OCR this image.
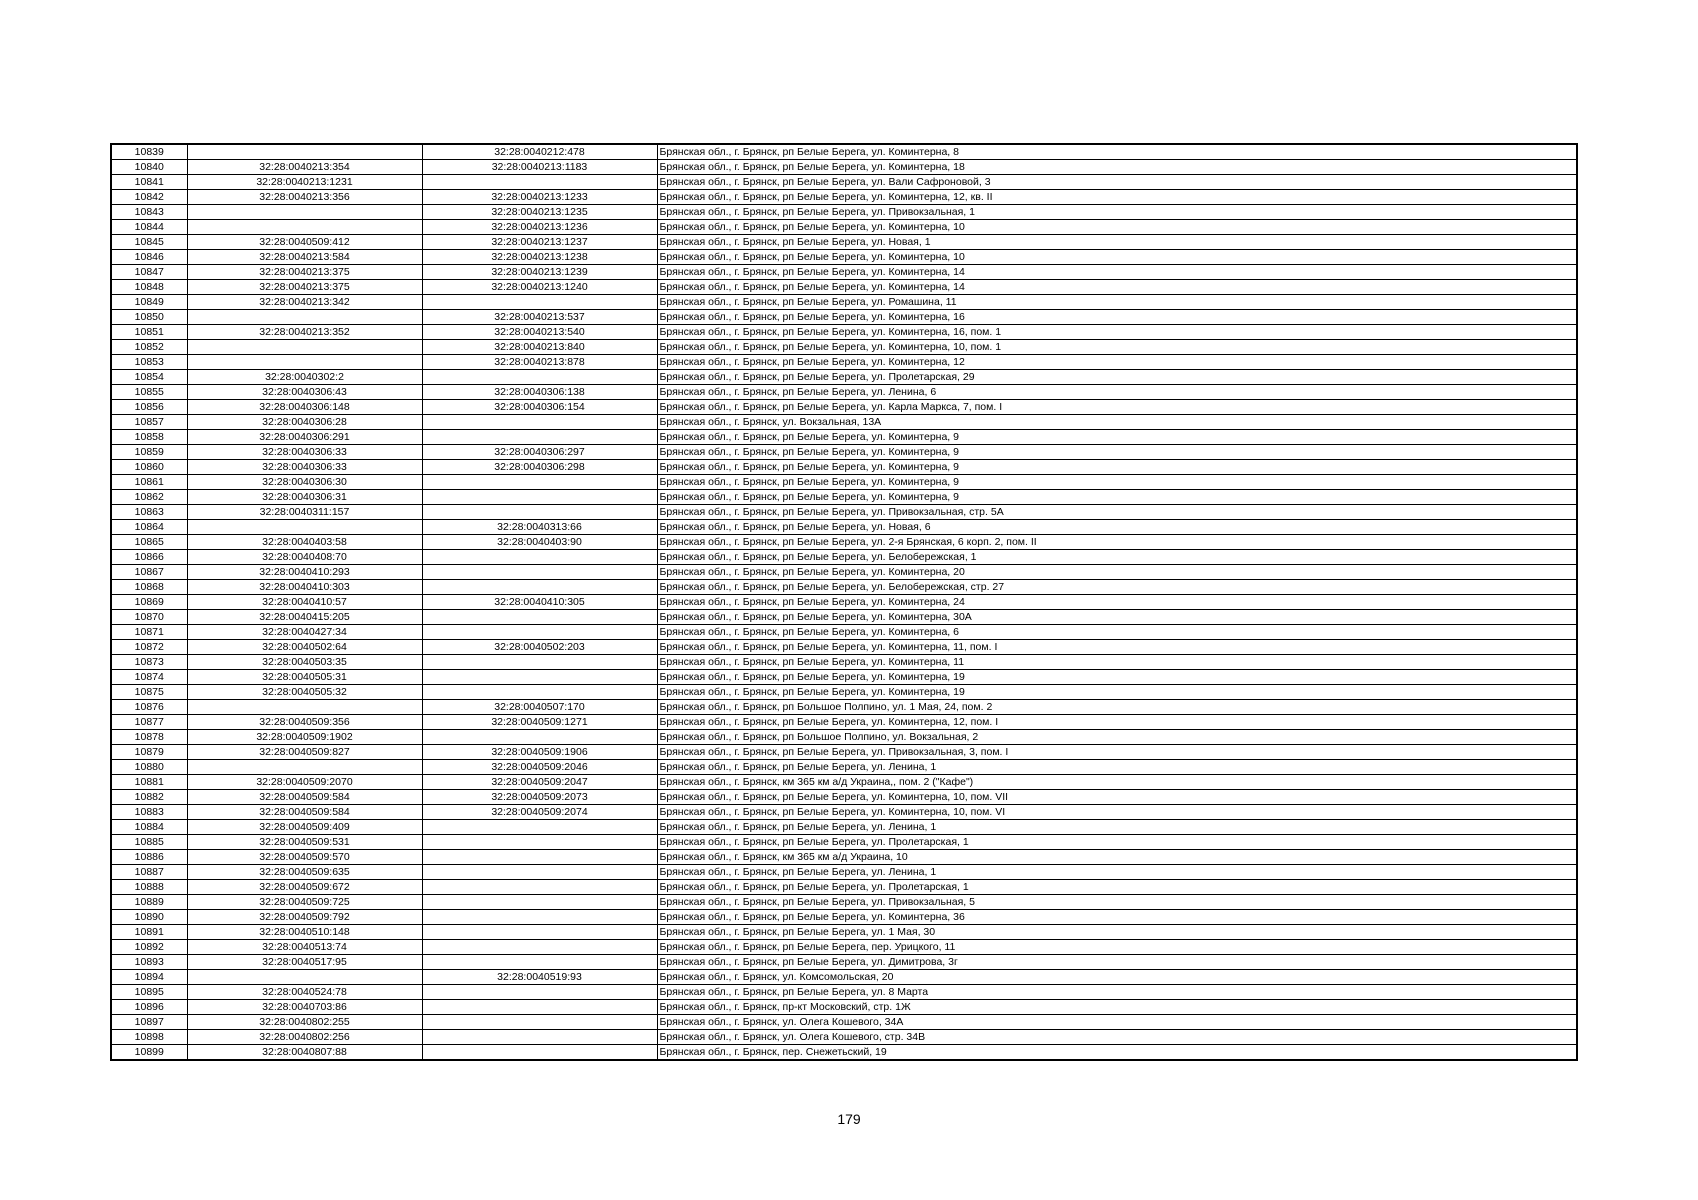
10839		32:28:0040212:478	Брянская обл., г. Брянск, рп Белые Берега, ул. Коминтерна, 8
10840	32:28:0040213:354	32:28:0040213:1183	Брянская обл., г. Брянск, рп Белые Берега, ул. Коминтерна, 18
10841	32:28:0040213:1231		Брянская обл., г. Брянск, рп Белые Берега, ул. Вали Сафроновой, 3
10842	32:28:0040213:356	32:28:0040213:1233	Брянская обл., г. Брянск, рп Белые Берега, ул. Коминтерна, 12, кв. II
10843		32:28:0040213:1235	Брянская обл., г. Брянск, рп Белые Берега, ул. Привокзальная, 1
10844		32:28:0040213:1236	Брянская обл., г. Брянск, рп Белые Берега, ул. Коминтерна, 10
10845	32:28:0040509:412	32:28:0040213:1237	Брянская обл., г. Брянск, рп Белые Берега, ул. Новая, 1
10846	32:28:0040213:584	32:28:0040213:1238	Брянская обл., г. Брянск, рп Белые Берега, ул. Коминтерна, 10
10847	32:28:0040213:375	32:28:0040213:1239	Брянская обл., г. Брянск, рп Белые Берега, ул. Коминтерна, 14
10848	32:28:0040213:375	32:28:0040213:1240	Брянская обл., г. Брянск, рп Белые Берега, ул. Коминтерна, 14
10849	32:28:0040213:342		Брянская обл., г. Брянск, рп Белые Берега, ул. Ромашина, 11
10850		32:28:0040213:537	Брянская обл., г. Брянск, рп Белые Берега, ул. Коминтерна, 16
10851	32:28:0040213:352	32:28:0040213:540	Брянская обл., г. Брянск, рп Белые Берега, ул. Коминтерна, 16, пом. 1
10852		32:28:0040213:840	Брянская обл., г. Брянск, рп Белые Берега, ул. Коминтерна, 10, пом. 1
10853		32:28:0040213:878	Брянская обл., г. Брянск, рп Белые Берега, ул. Коминтерна, 12
10854	32:28:0040302:2		Брянская обл., г. Брянск, рп Белые Берега, ул. Пролетарская, 29
10855	32:28:0040306:43	32:28:0040306:138	Брянская обл., г. Брянск, рп Белые Берега, ул. Ленина, 6
10856	32:28:0040306:148	32:28:0040306:154	Брянская обл., г. Брянск, рп Белые Берега, ул. Карла Маркса, 7, пом. I
10857	32:28:0040306:28		Брянская обл., г. Брянск, ул. Вокзальная, 13А
10858	32:28:0040306:291		Брянская обл., г. Брянск, рп Белые Берега, ул. Коминтерна, 9
10859	32:28:0040306:33	32:28:0040306:297	Брянская обл., г. Брянск, рп Белые Берега, ул. Коминтерна, 9
10860	32:28:0040306:33	32:28:0040306:298	Брянская обл., г. Брянск, рп Белые Берега, ул. Коминтерна, 9
10861	32:28:0040306:30		Брянская обл., г. Брянск, рп Белые Берега, ул. Коминтерна, 9
10862	32:28:0040306:31		Брянская обл., г. Брянск, рп Белые Берега, ул. Коминтерна, 9
10863	32:28:0040311:157		Брянская обл., г. Брянск, рп Белые Берега, ул. Привокзальная, стр. 5А
10864		32:28:0040313:66	Брянская обл., г. Брянск, рп Белые Берега, ул. Новая, 6
10865	32:28:0040403:58	32:28:0040403:90	Брянская обл., г. Брянск, рп Белые Берега, ул. 2-я Брянская, 6 корп. 2, пом. II
10866	32:28:0040408:70		Брянская обл., г. Брянск, рп Белые Берега, ул. Белобережская, 1
10867	32:28:0040410:293		Брянская обл., г. Брянск, рп Белые Берега, ул. Коминтерна, 20
10868	32:28:0040410:303		Брянская обл., г. Брянск, рп Белые Берега, ул. Белобережская, стр. 27
10869	32:28:0040410:57	32:28:0040410:305	Брянская обл., г. Брянск, рп Белые Берега, ул. Коминтерна, 24
10870	32:28:0040415:205		Брянская обл., г. Брянск, рп Белые Берега, ул. Коминтерна, 30А
10871	32:28:0040427:34		Брянская обл., г. Брянск, рп Белые Берега, ул. Коминтерна, 6
10872	32:28:0040502:64	32:28:0040502:203	Брянская обл., г. Брянск, рп Белые Берега, ул. Коминтерна, 11, пом. I
10873	32:28:0040503:35		Брянская обл., г. Брянск, рп Белые Берега, ул. Коминтерна, 11
10874	32:28:0040505:31		Брянская обл., г. Брянск, рп Белые Берега, ул. Коминтерна, 19
10875	32:28:0040505:32		Брянская обл., г. Брянск, рп Белые Берега, ул. Коминтерна, 19
10876		32:28:0040507:170	Брянская обл., г. Брянск, рп Большое Полпино, ул. 1 Мая, 24, пом. 2
10877	32:28:0040509:356	32:28:0040509:1271	Брянская обл., г. Брянск, рп Белые Берега, ул. Коминтерна, 12, пом. I
10878	32:28:0040509:1902		Брянская обл., г. Брянск, рп Большое Полпино, ул. Вокзальная, 2
10879	32:28:0040509:827	32:28:0040509:1906	Брянская обл., г. Брянск, рп Белые Берега, ул. Привокзальная, 3, пом. I
10880		32:28:0040509:2046	Брянская обл., г. Брянск, рп Белые Берега, ул. Ленина, 1
10881	32:28:0040509:2070	32:28:0040509:2047	Брянская обл., г. Брянск, км 365 км а/д Украина,, пом. 2 ("Кафе")
10882	32:28:0040509:584	32:28:0040509:2073	Брянская обл., г. Брянск, рп Белые Берега, ул. Коминтерна, 10, пом. VII
10883	32:28:0040509:584	32:28:0040509:2074	Брянская обл., г. Брянск, рп Белые Берега, ул. Коминтерна, 10, пом. VI
10884	32:28:0040509:409		Брянская обл., г. Брянск, рп Белые Берега, ул. Ленина, 1
10885	32:28:0040509:531		Брянская обл., г. Брянск, рп Белые Берега, ул. Пролетарская, 1
10886	32:28:0040509:570		Брянская обл., г. Брянск, км 365 км а/д Украина, 10
10887	32:28:0040509:635		Брянская обл., г. Брянск, рп Белые Берега, ул. Ленина, 1
10888	32:28:0040509:672		Брянская обл., г. Брянск, рп Белые Берега, ул. Пролетарская, 1
10889	32:28:0040509:725		Брянская обл., г. Брянск, рп Белые Берега, ул. Привокзальная, 5
10890	32:28:0040509:792		Брянская обл., г. Брянск, рп Белые Берега, ул. Коминтерна, 36
10891	32:28:0040510:148		Брянская обл., г. Брянск, рп Белые Берега, ул. 1 Мая, 30
10892	32:28:0040513:74		Брянская обл., г. Брянск, рп Белые Берега, пер. Урицкого, 11
10893	32:28:0040517:95		Брянская обл., г. Брянск, рп Белые Берега, ул. Димитрова, 3г
10894		32:28:0040519:93	Брянская обл., г. Брянск, ул. Комсомольская, 20
10895	32:28:0040524:78		Брянская обл., г. Брянск, рп Белые Берега, ул. 8 Марта
10896	32:28:0040703:86		Брянская обл., г. Брянск, пр-кт Московский, стр. 1Ж
10897	32:28:0040802:255		Брянская обл., г. Брянск, ул. Олега Кошевого, 34А
10898	32:28:0040802:256		Брянская обл., г. Брянск, ул. Олега Кошевого, стр. 34В
10899	32:28:0040807:88		Брянская обл., г. Брянск, пер. Снежетьский, 19
179
